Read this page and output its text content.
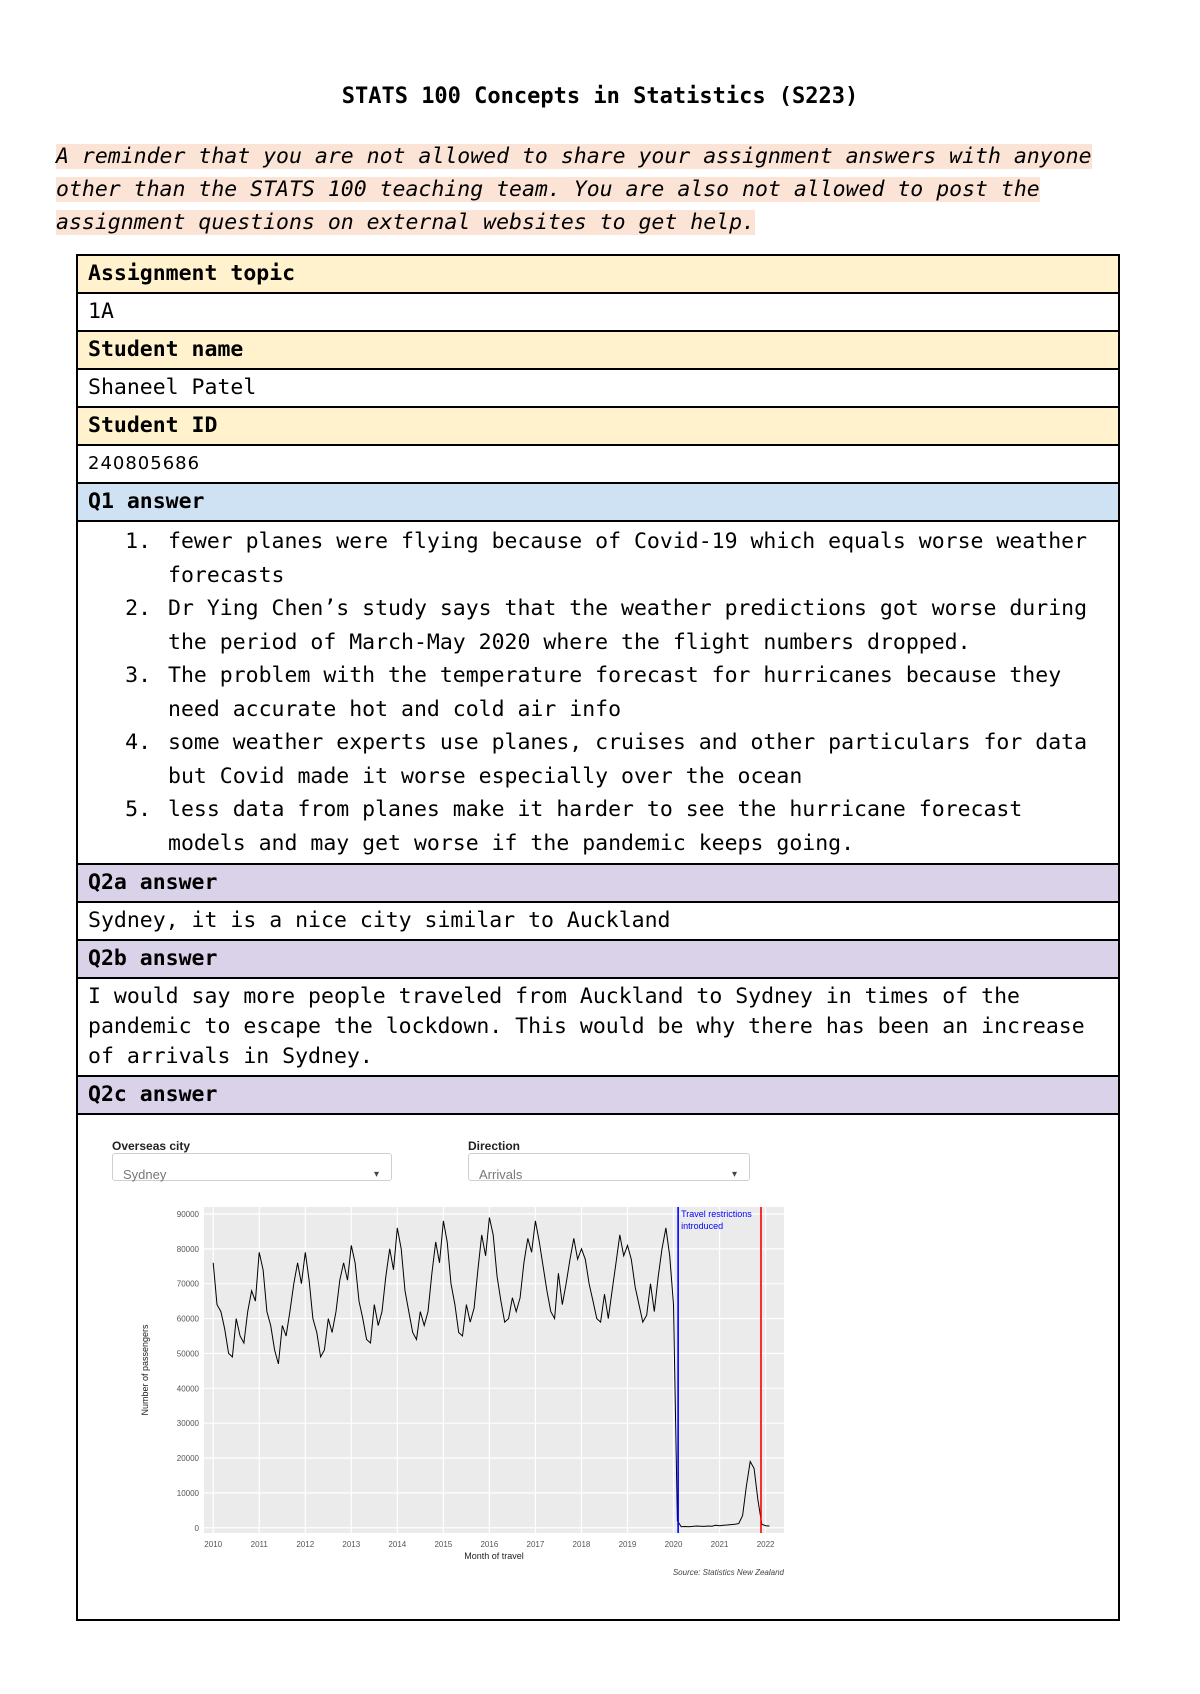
STATS 100 Concepts in Statistics (S223)
A reminder that you are not allowed to share your assignment answers with anyone other than the STATS 100 teaching team. You are also not allowed to post the assignment questions on external websites to get help.
Assignment topic
1A
Student name
Shaneel Patel
Student ID
240805686
Q1 answer

1. fewer planes were flying because of Covid-19 which equals worse weather forecasts
2. Dr Ying Chen’s study says that the weather predictions got worse during the period of March-May 2020 where the flight numbers dropped.
3. The problem with the temperature forecast for hurricanes because they need accurate hot and cold air info
4. some weather experts use planes, cruises and other particulars for data but Covid made it worse especially over the ocean
5. less data from planes make it harder to see the hurricane forecast models and may get worse if the pandemic keeps going.

Q2a answer
Sydney, it is a nice city similar to Auckland
Q2b answer
I would say more people traveled from Auckland to Sydney in times of the pandemic to escape the lockdown. This would be why there has been an increase of arrivals in Sydney.
Q2c answer

Overseas city
Sydney	▾
Direction
Arrivals	▾
0
10000
20000
30000
40000
50000
60000
70000
80000
90000
2010	2011	2012	2013	2014	2015	2016	2017	2018	2019	2020	2021	2022
Travel restrictions
introduced
Month of travel
Number of passengers
Source: Statistics New Zealand
